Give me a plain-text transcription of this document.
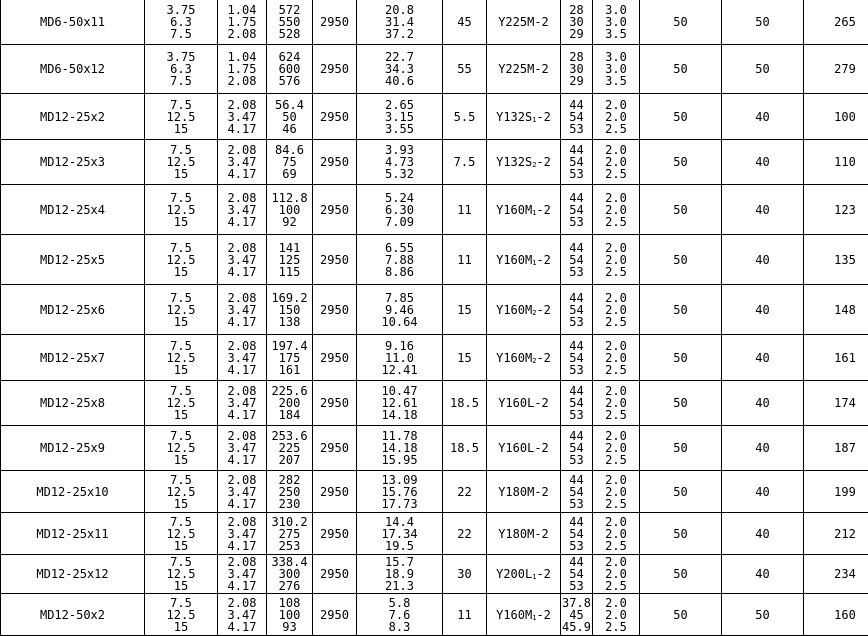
MD6-50x11	3.75
6.3
7.5	1.04
1.75
2.08	572
550
528	2950	20.8
31.4
37.2	45	Y225M-2	28
30
29	3.0
3.0
3.5	50	50	265
MD6-50x12	3.75
6.3
7.5	1.04
1.75
2.08	624
600
576	2950	22.7
34.3
40.6	55	Y225M-2	28
30
29	3.0
3.0
3.5	50	50	279
MD12-25x2	7.5
12.5
15	2.08
3.47
4.17	56.4
50
46	2950	2.65
3.15
3.55	5.5	Y132S1-2	44
54
53	2.0
2.0
2.5	50	40	100
MD12-25x3	7.5
12.5
15	2.08
3.47
4.17	84.6
75
69	2950	3.93
4.73
5.32	7.5	Y132S2-2	44
54
53	2.0
2.0
2.5	50	40	110
MD12-25x4	7.5
12.5
15	2.08
3.47
4.17	112.8
100
92	2950	5.24
6.30
7.09	11	Y160M1-2	44
54
53	2.0
2.0
2.5	50	40	123
MD12-25x5	7.5
12.5
15	2.08
3.47
4.17	141
125
115	2950	6.55
7.88
8.86	11	Y160M1-2	44
54
53	2.0
2.0
2.5	50	40	135
MD12-25x6	7.5
12.5
15	2.08
3.47
4.17	169.2
150
138	2950	7.85
9.46
10.64	15	Y160M2-2	44
54
53	2.0
2.0
2.5	50	40	148
MD12-25x7	7.5
12.5
15	2.08
3.47
4.17	197.4
175
161	2950	9.16
11.0
12.41	15	Y160M2-2	44
54
53	2.0
2.0
2.5	50	40	161
MD12-25x8	7.5
12.5
15	2.08
3.47
4.17	225.6
200
184	2950	10.47
12.61
14.18	18.5	Y160L-2	44
54
53	2.0
2.0
2.5	50	40	174
MD12-25x9	7.5
12.5
15	2.08
3.47
4.17	253.6
225
207	2950	11.78
14.18
15.95	18.5	Y160L-2	44
54
53	2.0
2.0
2.5	50	40	187
MD12-25x10	7.5
12.5
15	2.08
3.47
4.17	282
250
230	2950	13.09
15.76
17.73	22	Y180M-2	44
54
53	2.0
2.0
2.5	50	40	199
MD12-25x11	7.5
12.5
15	2.08
3.47
4.17	310.2
275
253	2950	14.4
17.34
19.5	22	Y180M-2	44
54
53	2.0
2.0
2.5	50	40	212
MD12-25x12	7.5
12.5
15	2.08
3.47
4.17	338.4
300
276	2950	15.7
18.9
21.3	30	Y200L1-2	44
54
53	2.0
2.0
2.5	50	40	234
MD12-50x2	7.5
12.5
15	2.08
3.47
4.17	108
100
93	2950	5.8
7.6
8.3	11	Y160M1-2	37.8
45
45.9	2.0
2.0
2.5	50	50	160
